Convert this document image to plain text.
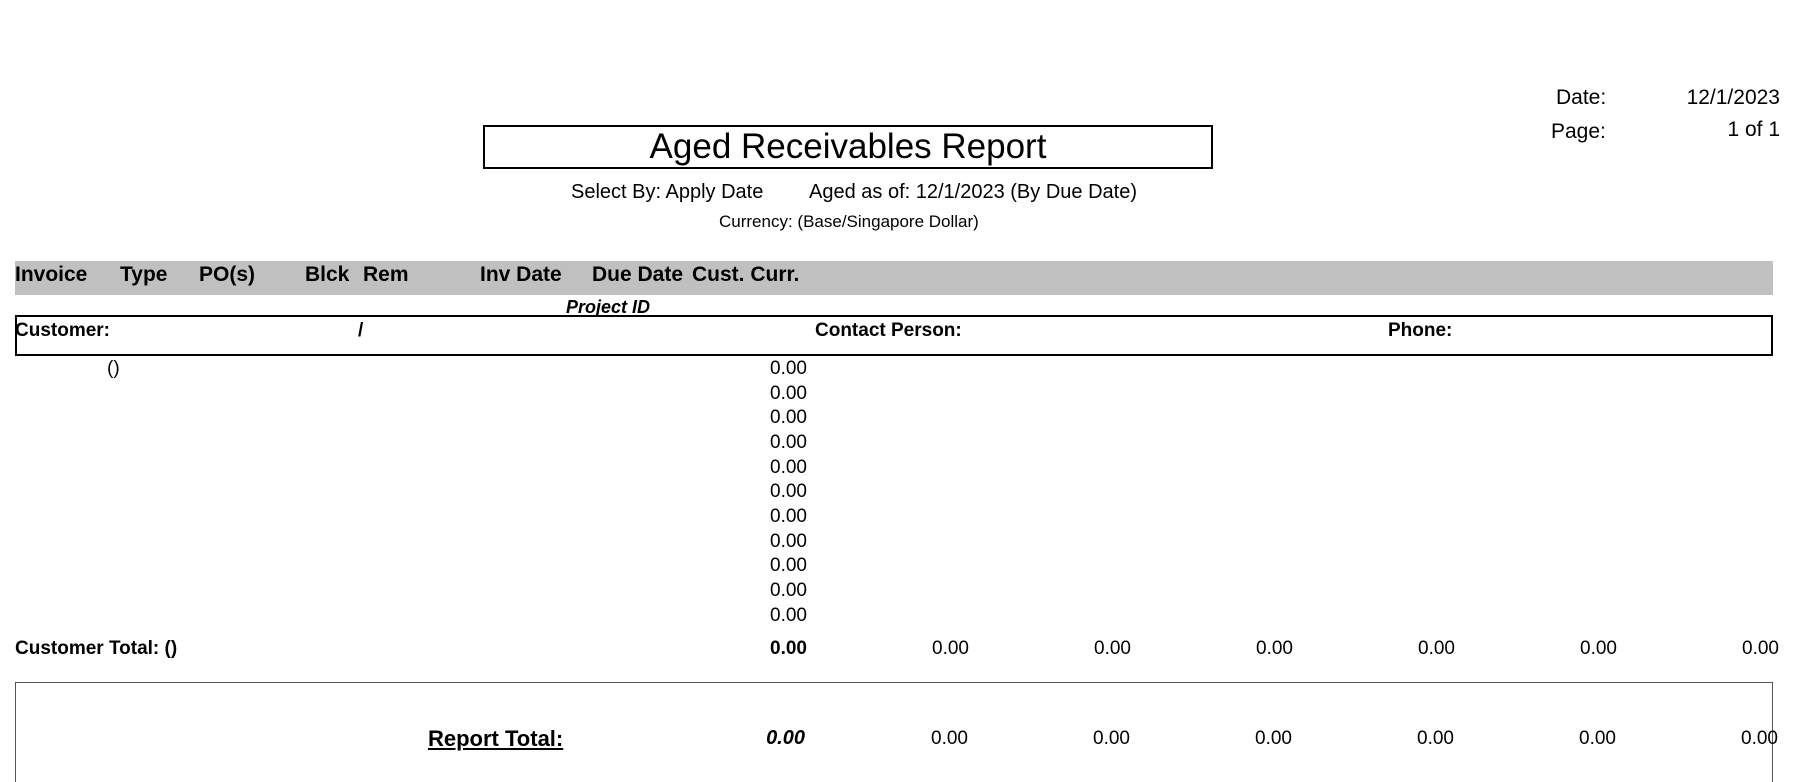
Date:	12/1/2023
Page:	1 of 1
Aged Receivables Report
Select By: Apply Date Aged as of: 12/1/2023 (By Due Date)
Currency: (Base/Singapore Dollar)
Invoice Type PO(s) Blck Rem	Inv Date Due Date Cust. Curr.
Project ID
Customer:	/	Contact Person:	Phone:
()	0.00
0.00
0.00
0.00
0.00
0.00
0.00
0.00
0.00
0.00
0.00
Customer Total: ()	0.00	0.00	0.00	0.00	0.00	0.00	0.00
Report Total:	0.00	0.00	0.00	0.00	0.00	0.00	0.00
